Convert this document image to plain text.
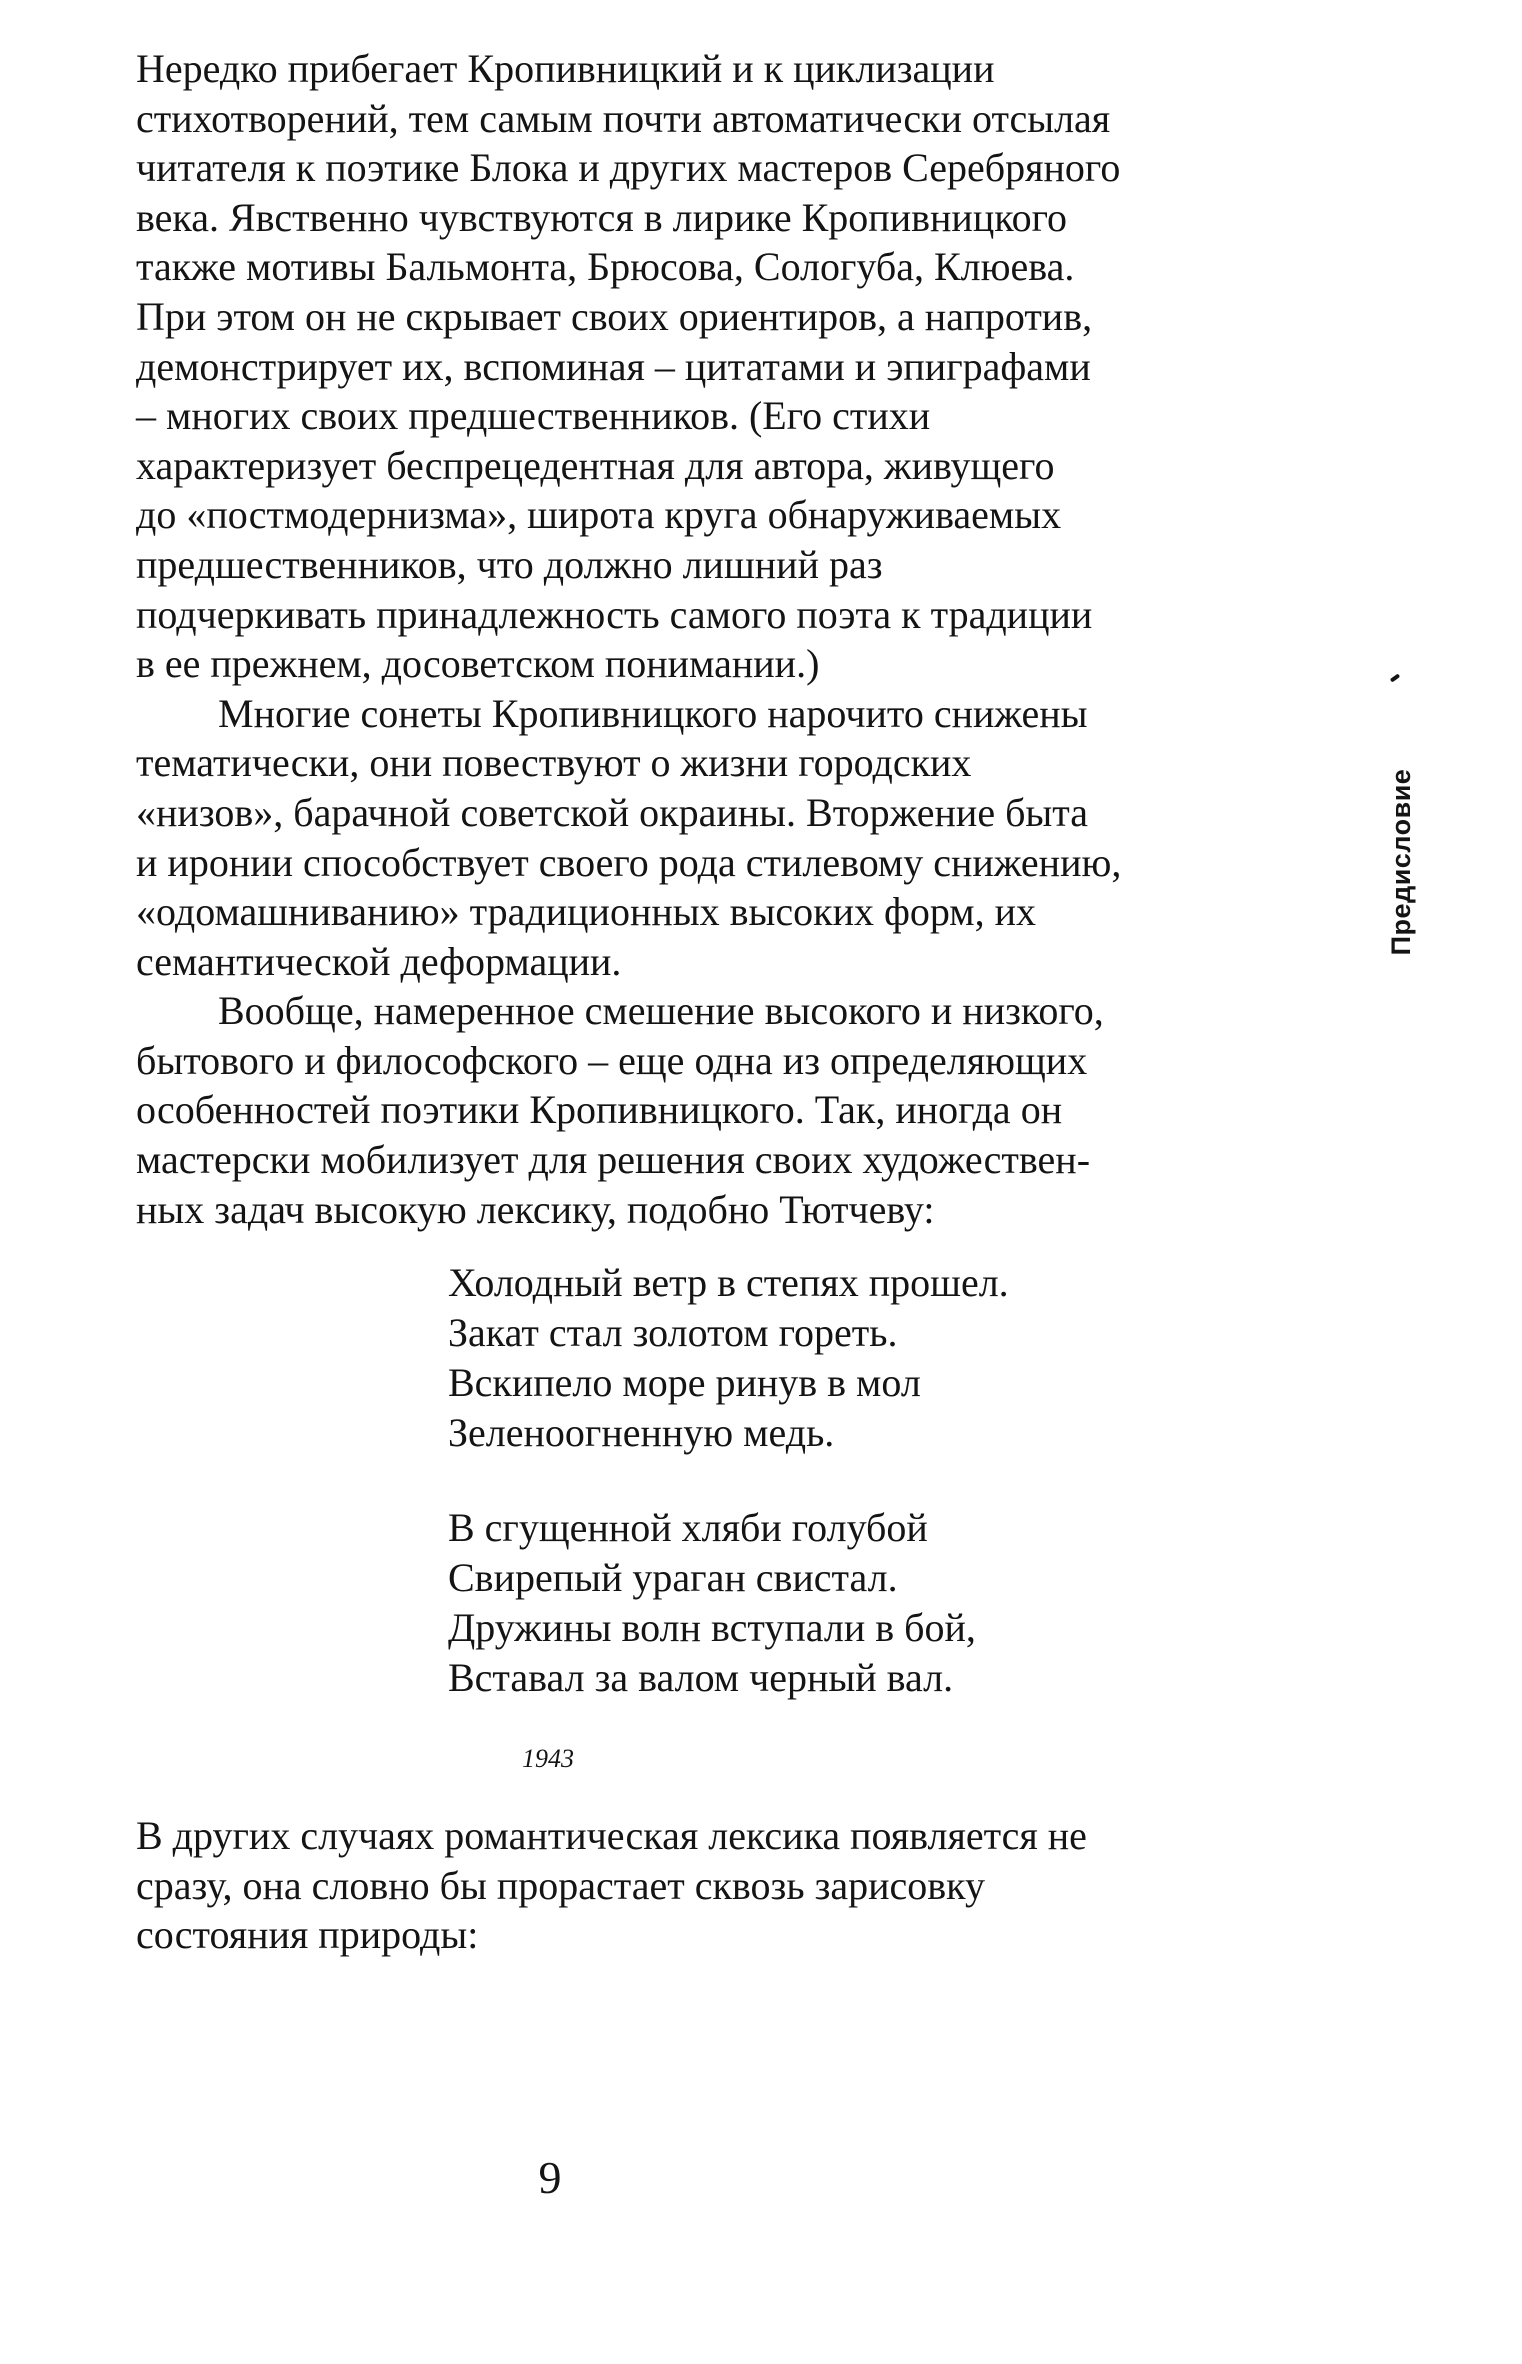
Нередко прибегает Кропивницкий и к циклизации
стихотворений, тем самым почти автоматически отсылая
читателя к поэтике Блока и других мастеров Серебряного
века. Явственно чувствуются в лирике Кропивницкого
также мотивы Бальмонта, Брюсова, Сологуба, Клюева.
При этом он не скрывает своих ориентиров, а напротив,
демонстрирует их, вспоминая – цитатами и эпиграфами
– многих своих предшественников. (Его стихи
характеризует беспрецедентная для автора, живущего
до «постмодернизма», широта круга обнаруживаемых
предшественников, что должно лишний раз
подчеркивать принадлежность самого поэта к традиции
в ее прежнем, досоветском понимании.)
Многие сонеты Кропивницкого нарочито снижены
тематически, они повествуют о жизни городских
«низов», барачной советской окраины. Вторжение быта
и иронии способствует своего рода стилевому снижению,
«одомашниванию» традиционных высоких форм, их
семантической деформации.
Вообще, намеренное смешение высокого и низкого,
бытового и философского – еще одна из определяющих
особенностей поэтики Кропивницкого. Так, иногда он
мастерски мобилизует для решения своих художествен-
ных задач высокую лексику, подобно Тютчеву:
Холодный ветр в степях прошел.
Закат стал золотом гореть.
Вскипело море ринув в мол
Зеленоогненную медь.
В сгущенной хляби голубой
Свирепый ураган свистал.
Дружины волн вступали в бой,
Вставал за валом черный вал.
1943
В других случаях романтическая лексика появляется не
сразу, она словно бы прорастает сквозь зарисовку
состояния природы:
Предисловие
9
